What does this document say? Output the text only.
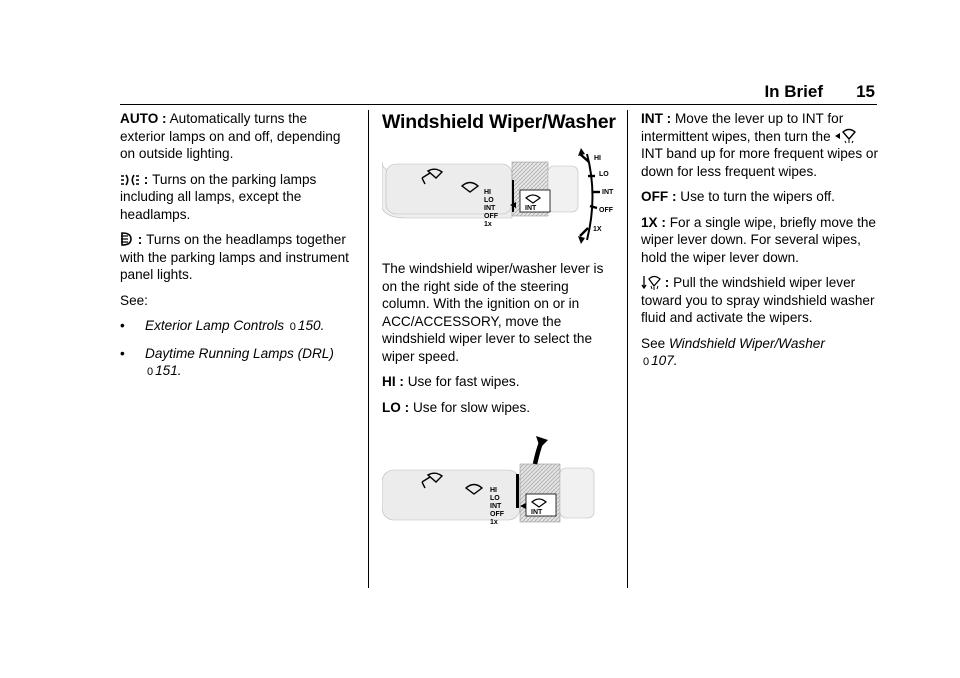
In Brief 15

AUTO : Automatically turns the exterior lamps on and off, depending on outside lighting.

: Turns on the parking lamps including all lamps, except the headlamps.

: Turns on the headlamps together with the parking lamps and instrument panel lights.

See:

•	Exterior Lamp Controls 0 150.
•	Daytime Running Lamps (DRL)
0 151.
Windshield Wiper/Washer
HI
LO
INT
OFF
1x
INT
HI
LO
INT
OFF
1X

The windshield wiper/washer lever is on the right side of the steering column. With the ignition on or in ACC/ACCESSORY, move the windshield wiper lever to select the wiper speed.

HI : Use for fast wipes.

LO : Use for slow wipes.

HI
LO
INT
OFF
1x
INT

INT : Move the lever up to INT for intermittent wipes, then turn the  INT band up for more frequent wipes or down for less frequent wipes.

OFF : Use to turn the wipers off.

1X : For a single wipe, briefly move the wiper lever down. For several wipes, hold the wiper lever down.

: Pull the windshield wiper lever toward you to spray windshield washer fluid and activate the wipers.

See Windshield Wiper/Washer
0 107.
